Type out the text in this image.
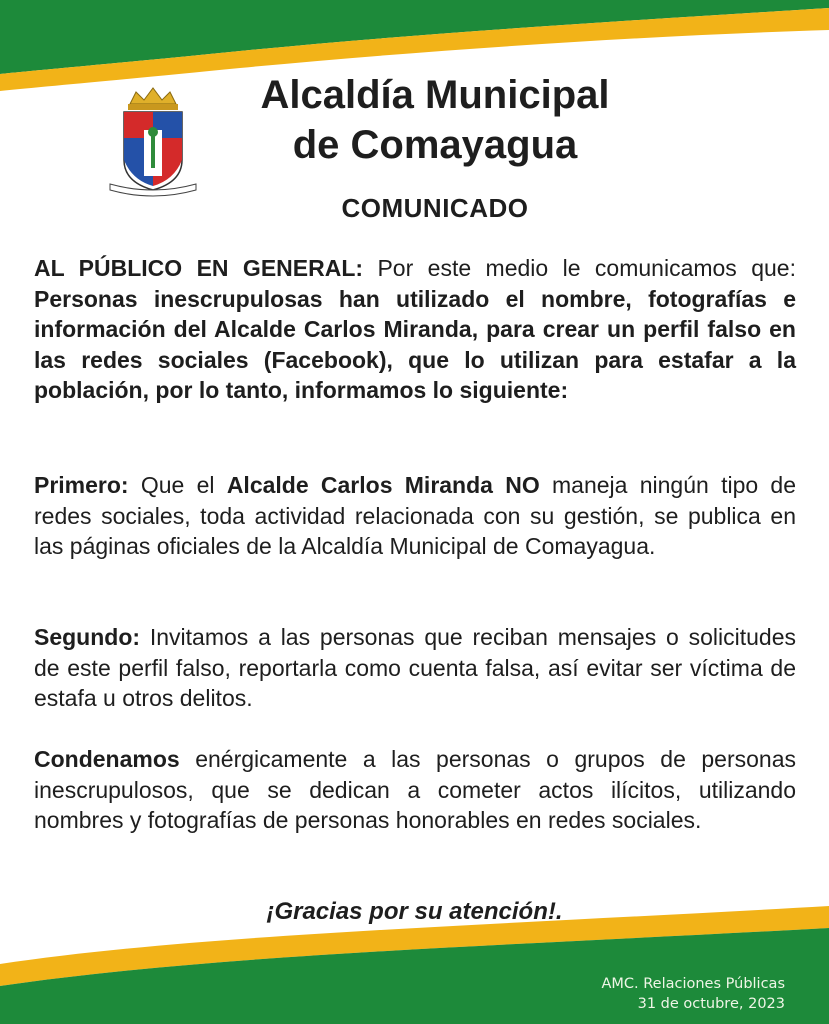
Alcaldía Municipal
de Comayagua
COMUNICADO

AL PÚBLICO EN GENERAL: Por este medio le comunicamos que: Personas inescrupulosas han utilizado el nombre, fotografías e información del Alcalde Carlos Miranda, para crear un perfil falso en las redes sociales (Facebook), que lo utilizan para estafar a la población, por lo tanto, informamos lo siguiente:

Primero: Que el Alcalde Carlos Miranda NO maneja ningún tipo de redes sociales, toda actividad relacionada con su gestión, se publica en las páginas oficiales de la Alcaldía Municipal de Comayagua.

Segundo: Invitamos a las personas que reciban mensajes o solicitudes de este perfil falso, reportarla como cuenta falsa, así evitar ser víctima de estafa u otros delitos.

Condenamos enérgicamente a las personas o grupos de personas inescrupulosos, que se dedican a cometer actos ilícitos, utilizando nombres y fotografías de personas honorables en redes sociales.

¡Gracias por su atención!.

AMC. Relaciones Públicas
31 de octubre, 2023
